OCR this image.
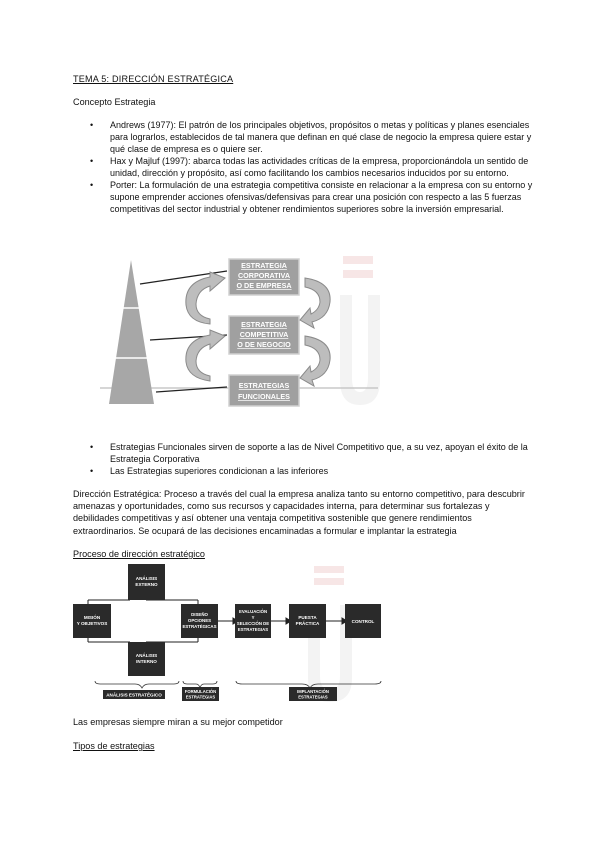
TEMA 5: DIRECCIÓN ESTRATÉGICA
Concepto Estrategia
• Andrews (1977): El patrón de los principales objetivos, propósitos o metas y políticas y planes esenciales para lograrlos, establecidos de tal manera que definan en qué clase de negocio la empresa quiere estar y qué clase de empresa es o quiere ser.
• Hax y Majluf (1997): abarca todas las actividades críticas de la empresa, proporcionándola un sentido de unidad, dirección y propósito, así como facilitando los cambios necesarios inducidos por su entorno.
• Porter: La formulación de una estrategia competitiva consiste en relacionar a la empresa con su entorno y supone emprender acciones ofensivas/defensivas para crear una posición con respecto a las 5 fuerzas competitivas del sector industrial y obtener rendimientos superiores sobre la inversión empresarial.
ESTRATEGIA
CORPORATIVA
O DE EMPRESA
ESTRATEGIA
COMPETITIVA
O DE NEGOCIO
ESTRATEGIAS
FUNCIONALES
• Estrategias Funcionales sirven de soporte a las de Nivel Competitivo que, a su vez, apoyan el éxito de la Estrategia Corporativa
• Las Estrategias superiores condicionan a las inferiores
Dirección Estratégica: Proceso a través del cual la empresa analiza tanto su entorno competitivo, para descubrir amenazas y oportunidades, como sus recursos y capacidades interna, para determinar sus fortalezas y debilidades competitivas y así obtener una ventaja competitiva sostenible que genere rendimientos extraordinarios. Se ocupará de las decisiones encaminadas a formular e implantar la estrategia
Proceso de dirección estratégico
ANÁLISIS
EXTERNO
MISIÓN
Y OBJETIVOS
DISEÑO
OPCIONES
ESTRATÉGICAS
EVALUACIÓN
Y
SELECCIÓN DE
ESTRATEGIAS
PUESTA
PRÁCTICA	CONTROL
ANÁLISIS
INTERNO
ANÁLISIS ESTRATÉGICO
FORMULACIÓN
ESTRATEGIAS
IMPLANTACIÓN
ESTRATEGIAS
Las empresas siempre miran a su mejor competidor
Tipos de estrategias
